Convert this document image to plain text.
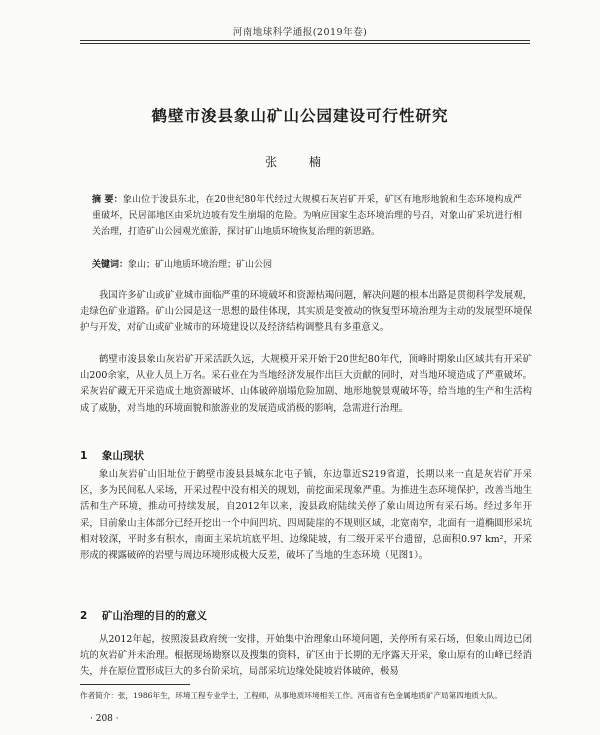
河南地球科学通报(2019年卷)
鹤壁市浚县象山矿山公园建设可行性研究
张 楠
摘 要：象山位于浚县东北，在20世纪80年代经过大规模石灰岩矿开采，矿区有地形地貌和生态环境构成严重破坏，民居部地区由采坑边坡有发生崩塌的危险。为响应国家生态环境治理的号召，对象山矿采坑进行相关治理，打造矿山公园观光旅游，探讨矿山地质环境恢复治理的新思路。
关键词：象山；矿山地质环境治理；矿山公园
我国许多矿山或矿业城市面临严重的环境破坏和资源枯竭问题，解决问题的根本出路是贯彻科学发展观，走绿色矿业道路。矿山公园是这一思想的最佳体现，其实质是变被动的恢复型环境治理为主动的发展型环境保护与开发，对矿山或矿业城市的环境建设以及经济结构调整具有多重意义。
鹤壁市浚县象山灰岩矿开采活跃久远，大规模开采开始于20世纪80年代，顶峰时期象山区域共有开采矿山200余家，从业人员上万名。采石业在为当地经济发展作出巨大贡献的同时，对当地环境造成了严重破坏。采灰岩矿藏无开采造成土地资源破坏、山体破碎崩塌危险加剧、地形地貌景观破坏等，给当地的生产和生活构成了威胁，对当地的环境面貌和旅游业的发展造成消极的影响，急需进行治理。
1 象山现状
象山灰岩矿山旧址位于鹤壁市浚县县城东北屯子镇，东边靠近S219省道，长期以来一直是灰岩矿开采区，多为民间私人采场，开采过程中没有相关的规划，前挖面采现象严重。为推进生态环境保护，改善当地生活和生产环境，推动可持续发展，自2012年以来，浚县政府陆续关停了象山周边所有采石场。经过多年开采，目前象山主体部分已经开挖出一个中间凹坑、四周陡崖的不规则区域，北宽南窄，北面有一道椭圆形采坑相对较深，平时多有积水，南面主采坑坑底平坦、边缘陡坡，有二级开采平台遗留，总面积0.97 km²，开采形成的裸露破碎的岩壁与周边环境形成极大反差，破坏了当地的生态环境（见图1）。
2 矿山治理的目的的意义
从2012年起，按照浚县政府统一安排，开始集中治理象山环境问题，关停所有采石场，但象山周边已闭坑的灰岩矿并未治理。根据现场勘察以及搜集的资料，矿区由于长期的无序露天开采，象山原有的山峰已经消失，并在原位置形成巨大的多台阶采坑，局部采坑边缘处陡坡岩体破碎，极易
作者简介：张，1986年生，环境工程专业学士，工程师，从事地质环境相关工作。河南省有色金属地质矿产局第四地质大队。
· 208 ·
